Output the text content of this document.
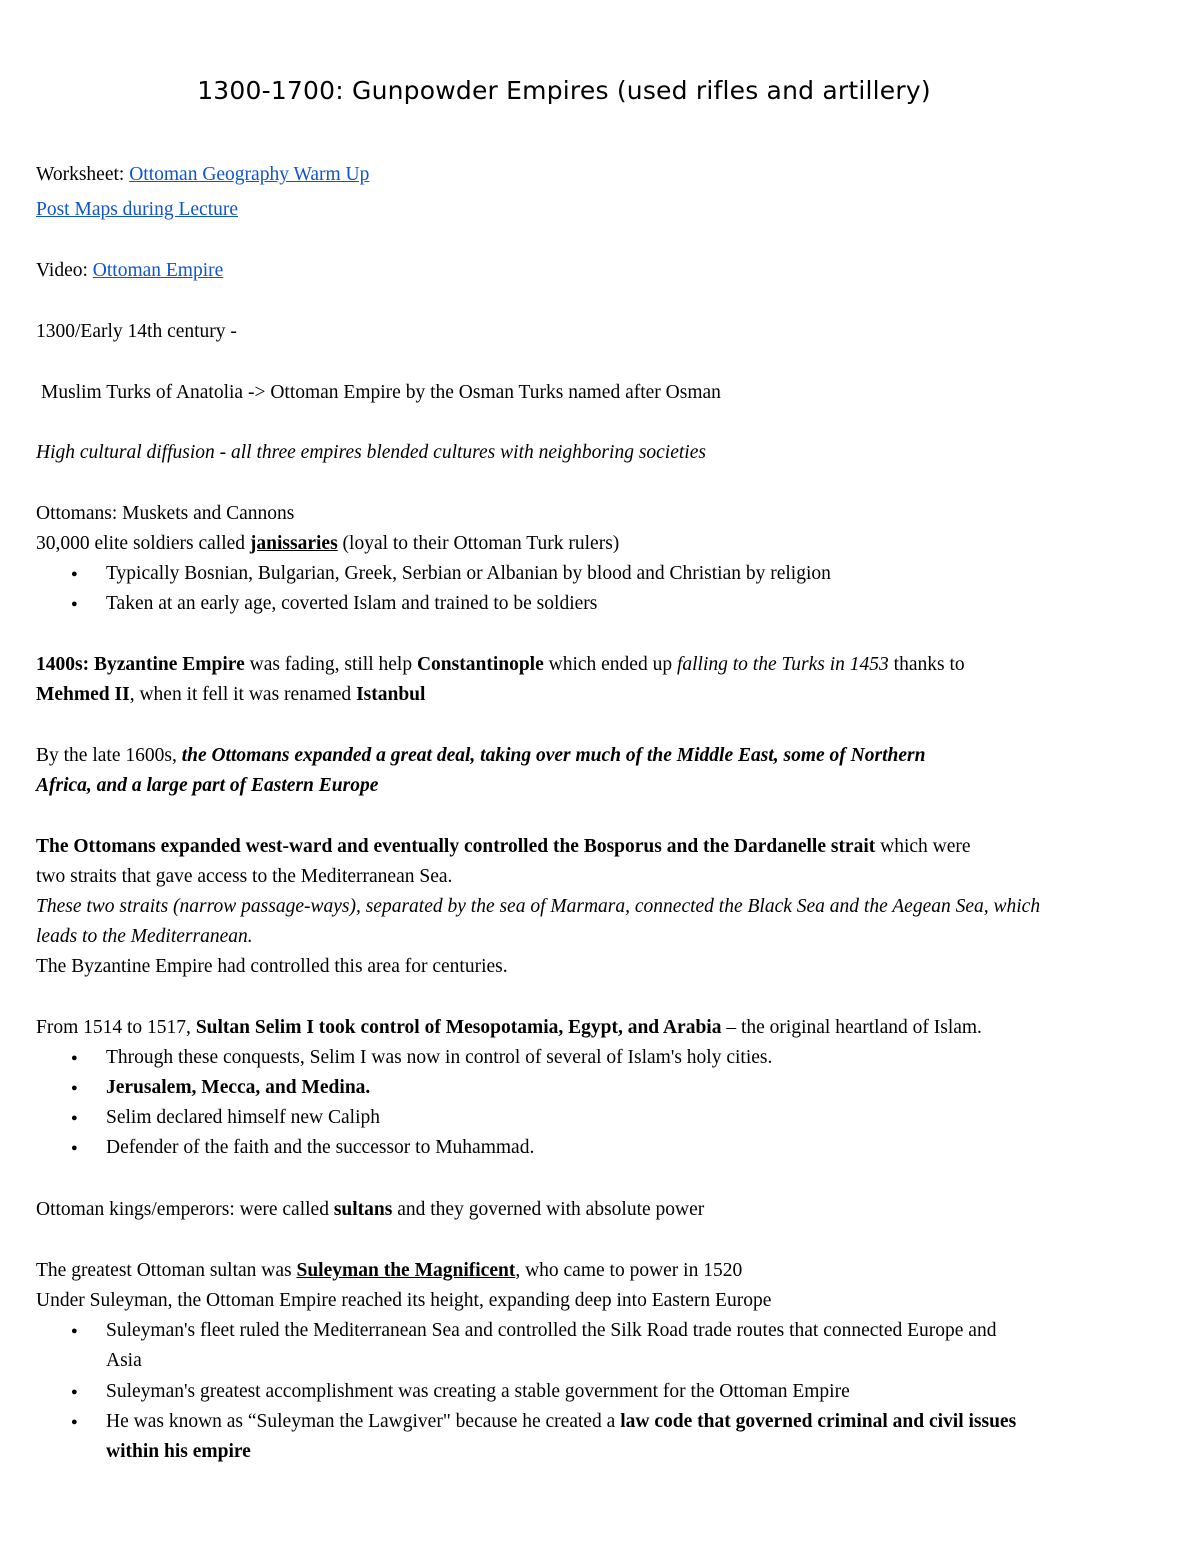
1300-1700: Gunpowder Empires (used rifles and artillery)
Worksheet: Ottoman Geography Warm Up
Post Maps during Lecture
Video: Ottoman Empire
1300/Early 14th century -
Muslim Turks of Anatolia -> Ottoman Empire by the Osman Turks named after Osman
High cultural diffusion - all three empires blended cultures with neighboring societies
Ottomans: Muskets and Cannons
30,000 elite soldiers called janissaries (loyal to their Ottoman Turk rulers)
● Typically Bosnian, Bulgarian, Greek, Serbian or Albanian by blood and Christian by religion
● Taken at an early age, coverted Islam and trained to be soldiers
1400s: Byzantine Empire was fading, still help Constantinople which ended up falling to the Turks in 1453 thanks to
Mehmed II, when it fell it was renamed Istanbul
By the late 1600s, the Ottomans expanded a great deal, taking over much of the Middle East, some of Northern
Africa, and a large part of Eastern Europe
The Ottomans expanded west-ward and eventually controlled the Bosporus and the Dardanelle strait which were
two straits that gave access to the Mediterranean Sea.
These two straits (narrow passage-ways), separated by the sea of Marmara, connected the Black Sea and the Aegean Sea, which
leads to the Mediterranean.
The Byzantine Empire had controlled this area for centuries.
From 1514 to 1517, Sultan Selim I took control of Mesopotamia, Egypt, and Arabia – the original heartland of Islam.
● Through these conquests, Selim I was now in control of several of Islam's holy cities.
● Jerusalem, Mecca, and Medina.
● Selim declared himself new Caliph
● Defender of the faith and the successor to Muhammad.
Ottoman kings/emperors: were called sultans and they governed with absolute power
The greatest Ottoman sultan was Suleyman the Magnificent, who came to power in 1520
Under Suleyman, the Ottoman Empire reached its height, expanding deep into Eastern Europe
● Suleyman's fleet ruled the Mediterranean Sea and controlled the Silk Road trade routes that connected Europe and
Asia
● Suleyman's greatest accomplishment was creating a stable government for the Ottoman Empire
● He was known as “Suleyman the Lawgiver" because he created a law code that governed criminal and civil issues
within his empire
